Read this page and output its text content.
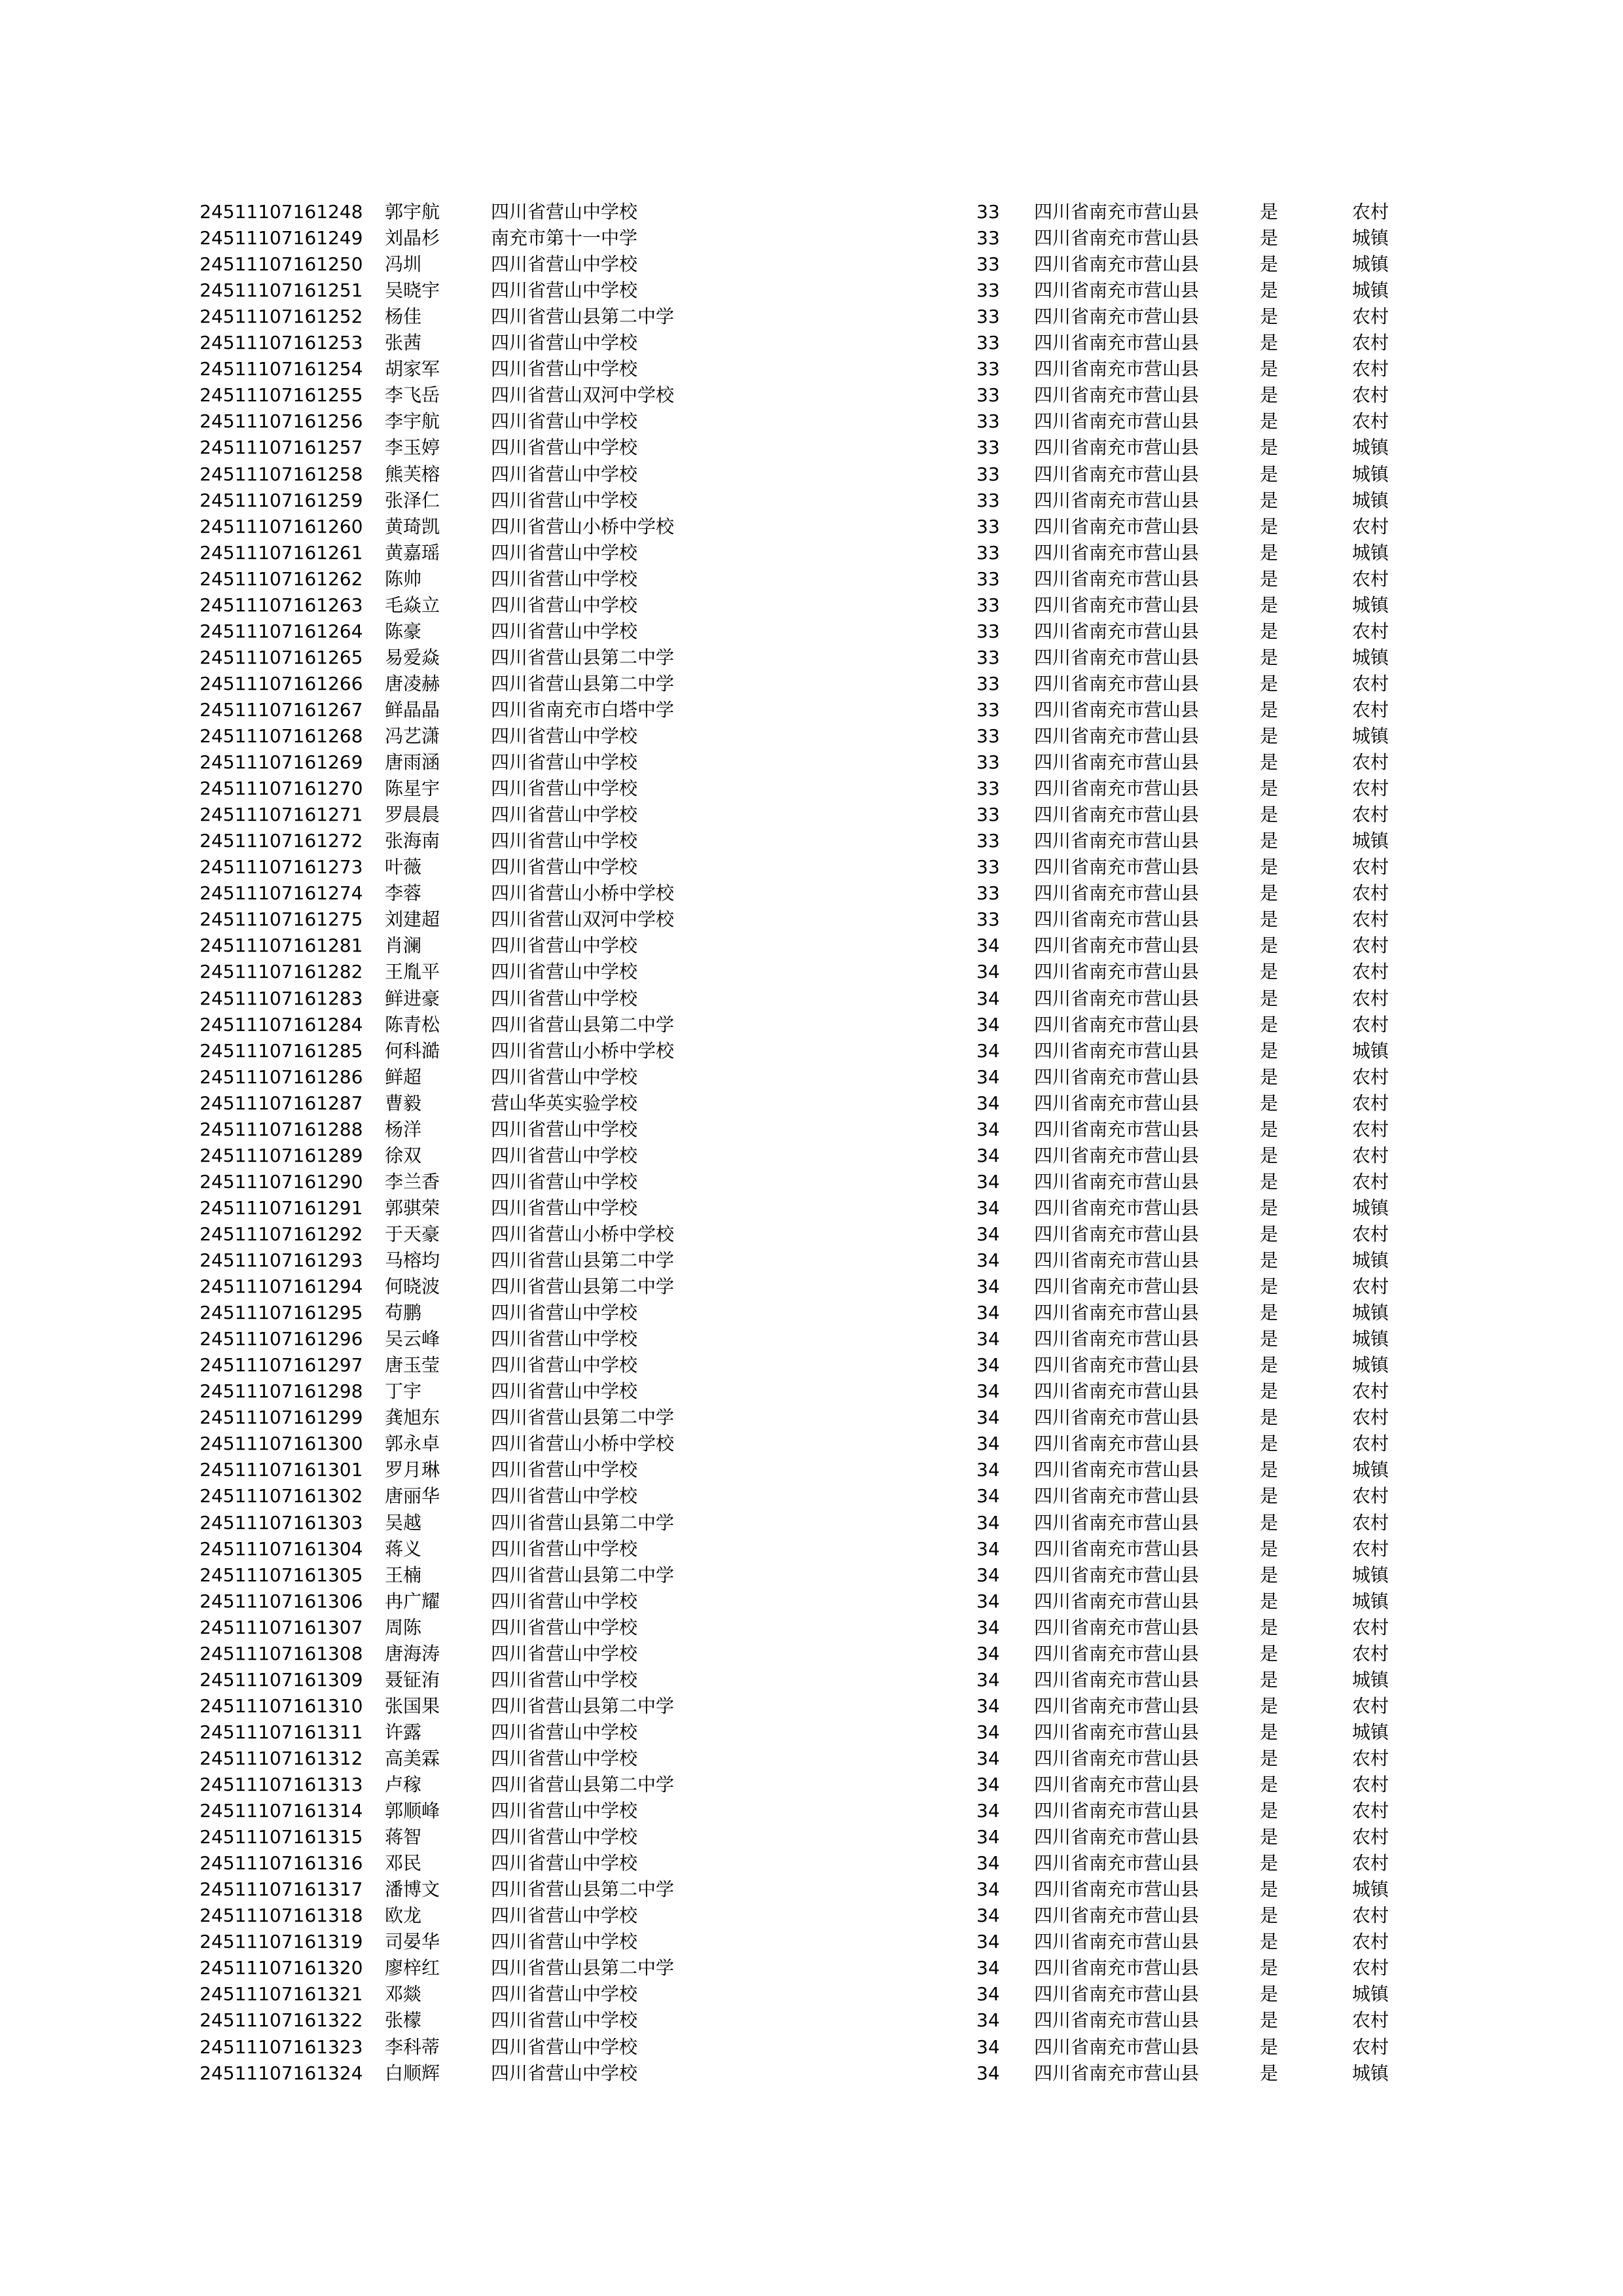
24511107161248 郭宇航	四川省营山中学校	33 四川省南充市营山县	是	农村
24511107161249 刘晶杉	南充市第十一中学	33 四川省南充市营山县	是	城镇
24511107161250 冯圳	四川省营山中学校	33 四川省南充市营山县	是	城镇
24511107161251 吴晓宇	四川省营山中学校	33 四川省南充市营山县	是	城镇
24511107161252 杨佳	四川省营山县第二中学	33 四川省南充市营山县	是	农村
24511107161253 张茜	四川省营山中学校	33 四川省南充市营山县	是	农村
24511107161254 胡家军	四川省营山中学校	33 四川省南充市营山县	是	农村
24511107161255 李飞岳	四川省营山双河中学校	33 四川省南充市营山县	是	农村
24511107161256 李宇航	四川省营山中学校	33 四川省南充市营山县	是	农村
24511107161257 李玉婷	四川省营山中学校	33 四川省南充市营山县	是	城镇
24511107161258 熊芙榕	四川省营山中学校	33 四川省南充市营山县	是	城镇
24511107161259 张泽仁	四川省营山中学校	33 四川省南充市营山县	是	城镇
24511107161260 黄琦凯	四川省营山小桥中学校	33 四川省南充市营山县	是	农村
24511107161261 黄嘉瑶	四川省营山中学校	33 四川省南充市营山县	是	城镇
24511107161262 陈帅	四川省营山中学校	33 四川省南充市营山县	是	农村
24511107161263 毛焱立	四川省营山中学校	33 四川省南充市营山县	是	城镇
24511107161264 陈豪	四川省营山中学校	33 四川省南充市营山县	是	农村
24511107161265 易爱焱	四川省营山县第二中学	33 四川省南充市营山县	是	城镇
24511107161266 唐凌赫	四川省营山县第二中学	33 四川省南充市营山县	是	农村
24511107161267 鲜晶晶	四川省南充市白塔中学	33 四川省南充市营山县	是	农村
24511107161268 冯艺潇	四川省营山中学校	33 四川省南充市营山县	是	城镇
24511107161269 唐雨涵	四川省营山中学校	33 四川省南充市营山县	是	农村
24511107161270 陈星宇	四川省营山中学校	33 四川省南充市营山县	是	农村
24511107161271 罗晨晨	四川省营山中学校	33 四川省南充市营山县	是	农村
24511107161272 张海南	四川省营山中学校	33 四川省南充市营山县	是	城镇
24511107161273 叶薇	四川省营山中学校	33 四川省南充市营山县	是	农村
24511107161274 李蓉	四川省营山小桥中学校	33 四川省南充市营山县	是	农村
24511107161275 刘建超	四川省营山双河中学校	33 四川省南充市营山县	是	农村
24511107161281 肖澜	四川省营山中学校	34 四川省南充市营山县	是	农村
24511107161282 王胤平	四川省营山中学校	34 四川省南充市营山县	是	农村
24511107161283 鲜进豪	四川省营山中学校	34 四川省南充市营山县	是	农村
24511107161284 陈青松	四川省营山县第二中学	34 四川省南充市营山县	是	农村
24511107161285 何科澔	四川省营山小桥中学校	34 四川省南充市营山县	是	城镇
24511107161286 鲜超	四川省营山中学校	34 四川省南充市营山县	是	农村
24511107161287 曹毅	营山华英实验学校	34 四川省南充市营山县	是	农村
24511107161288 杨洋	四川省营山中学校	34 四川省南充市营山县	是	农村
24511107161289 徐双	四川省营山中学校	34 四川省南充市营山县	是	农村
24511107161290 李兰香	四川省营山中学校	34 四川省南充市营山县	是	农村
24511107161291 郭骐荣	四川省营山中学校	34 四川省南充市营山县	是	城镇
24511107161292 于天豪	四川省营山小桥中学校	34 四川省南充市营山县	是	农村
24511107161293 马榕均	四川省营山县第二中学	34 四川省南充市营山县	是	城镇
24511107161294 何晓波	四川省营山县第二中学	34 四川省南充市营山县	是	农村
24511107161295 苟鹏	四川省营山中学校	34 四川省南充市营山县	是	城镇
24511107161296 吴云峰	四川省营山中学校	34 四川省南充市营山县	是	城镇
24511107161297 唐玉莹	四川省营山中学校	34 四川省南充市营山县	是	城镇
24511107161298 丁宇	四川省营山中学校	34 四川省南充市营山县	是	农村
24511107161299 龚旭东	四川省营山县第二中学	34 四川省南充市营山县	是	农村
24511107161300 郭永卓	四川省营山小桥中学校	34 四川省南充市营山县	是	农村
24511107161301 罗月琳	四川省营山中学校	34 四川省南充市营山县	是	城镇
24511107161302 唐丽华	四川省营山中学校	34 四川省南充市营山县	是	农村
24511107161303 吴越	四川省营山县第二中学	34 四川省南充市营山县	是	农村
24511107161304 蒋义	四川省营山中学校	34 四川省南充市营山县	是	农村
24511107161305 王楠	四川省营山县第二中学	34 四川省南充市营山县	是	城镇
24511107161306 冉广耀	四川省营山中学校	34 四川省南充市营山县	是	城镇
24511107161307 周陈	四川省营山中学校	34 四川省南充市营山县	是	农村
24511107161308 唐海涛	四川省营山中学校	34 四川省南充市营山县	是	农村
24511107161309 聂钲洧	四川省营山中学校	34 四川省南充市营山县	是	城镇
24511107161310 张国果	四川省营山县第二中学	34 四川省南充市营山县	是	农村
24511107161311 许露	四川省营山中学校	34 四川省南充市营山县	是	城镇
24511107161312 高美霖	四川省营山中学校	34 四川省南充市营山县	是	农村
24511107161313 卢稼	四川省营山县第二中学	34 四川省南充市营山县	是	农村
24511107161314 郭顺峰	四川省营山中学校	34 四川省南充市营山县	是	农村
24511107161315 蒋智	四川省营山中学校	34 四川省南充市营山县	是	农村
24511107161316 邓民	四川省营山中学校	34 四川省南充市营山县	是	农村
24511107161317 潘博文	四川省营山县第二中学	34 四川省南充市营山县	是	城镇
24511107161318 欧龙	四川省营山中学校	34 四川省南充市营山县	是	农村
24511107161319 司晏华	四川省营山中学校	34 四川省南充市营山县	是	农村
24511107161320 廖梓红	四川省营山县第二中学	34 四川省南充市营山县	是	农村
24511107161321 邓燚	四川省营山中学校	34 四川省南充市营山县	是	城镇
24511107161322 张檬	四川省营山中学校	34 四川省南充市营山县	是	农村
24511107161323 李科蒂	四川省营山中学校	34 四川省南充市营山县	是	农村
24511107161324 白顺辉	四川省营山中学校	34 四川省南充市营山县	是	城镇
